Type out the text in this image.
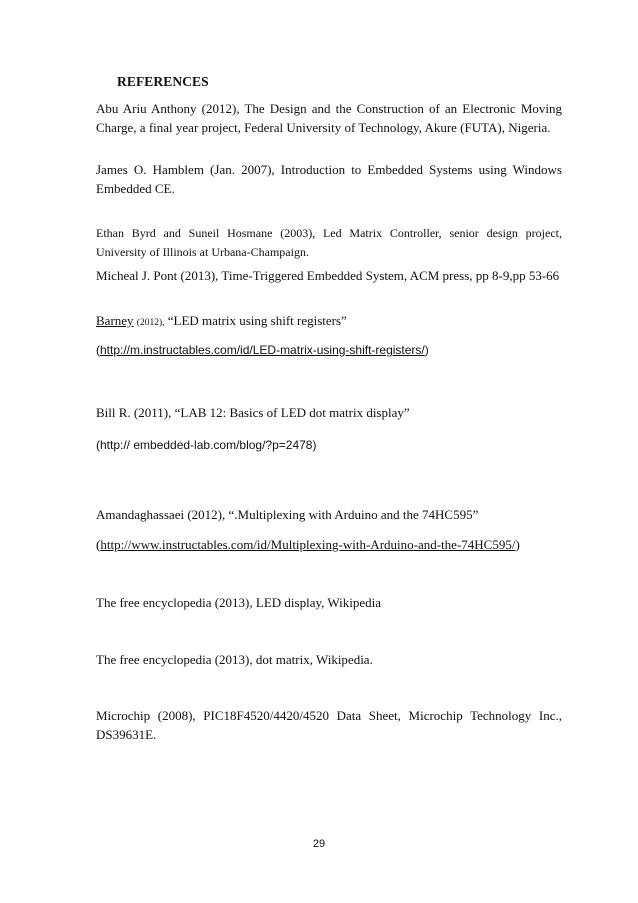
REFERENCES

Abu Ariu Anthony (2012), The Design and the Construction of an Electronic Moving Charge, a final year project, Federal University of Technology, Akure (FUTA), Nigeria.

James O. Hamblem (Jan. 2007), Introduction to Embedded Systems using Windows Embedded CE.

Ethan Byrd and Suneil Hosmane (2003), Led Matrix Controller, senior design project, University of Illinois at Urbana-Champaign.

Micheal J. Pont (2013), Time-Triggered Embedded System, ACM press, pp 8-9,pp 53-66

Barney (2012), “LED matrix using shift registers”

(http://m.instructables.com/id/LED-matrix-using-shift-registers/)

Bill R. (2011), “LAB 12: Basics of LED dot matrix display”

(http:// embedded-lab.com/blog/?p=2478)

Amandaghassaei (2012), “.Multiplexing with Arduino and the 74HC595”

(http://www.instructables.com/id/Multiplexing-with-Arduino-and-the-74HC595/)

The free encyclopedia (2013), LED display, Wikipedia

The free encyclopedia (2013), dot matrix, Wikipedia.

Microchip (2008), PIC18F4520/4420/4520 Data Sheet, Microchip Technology Inc., DS39631E.

29
